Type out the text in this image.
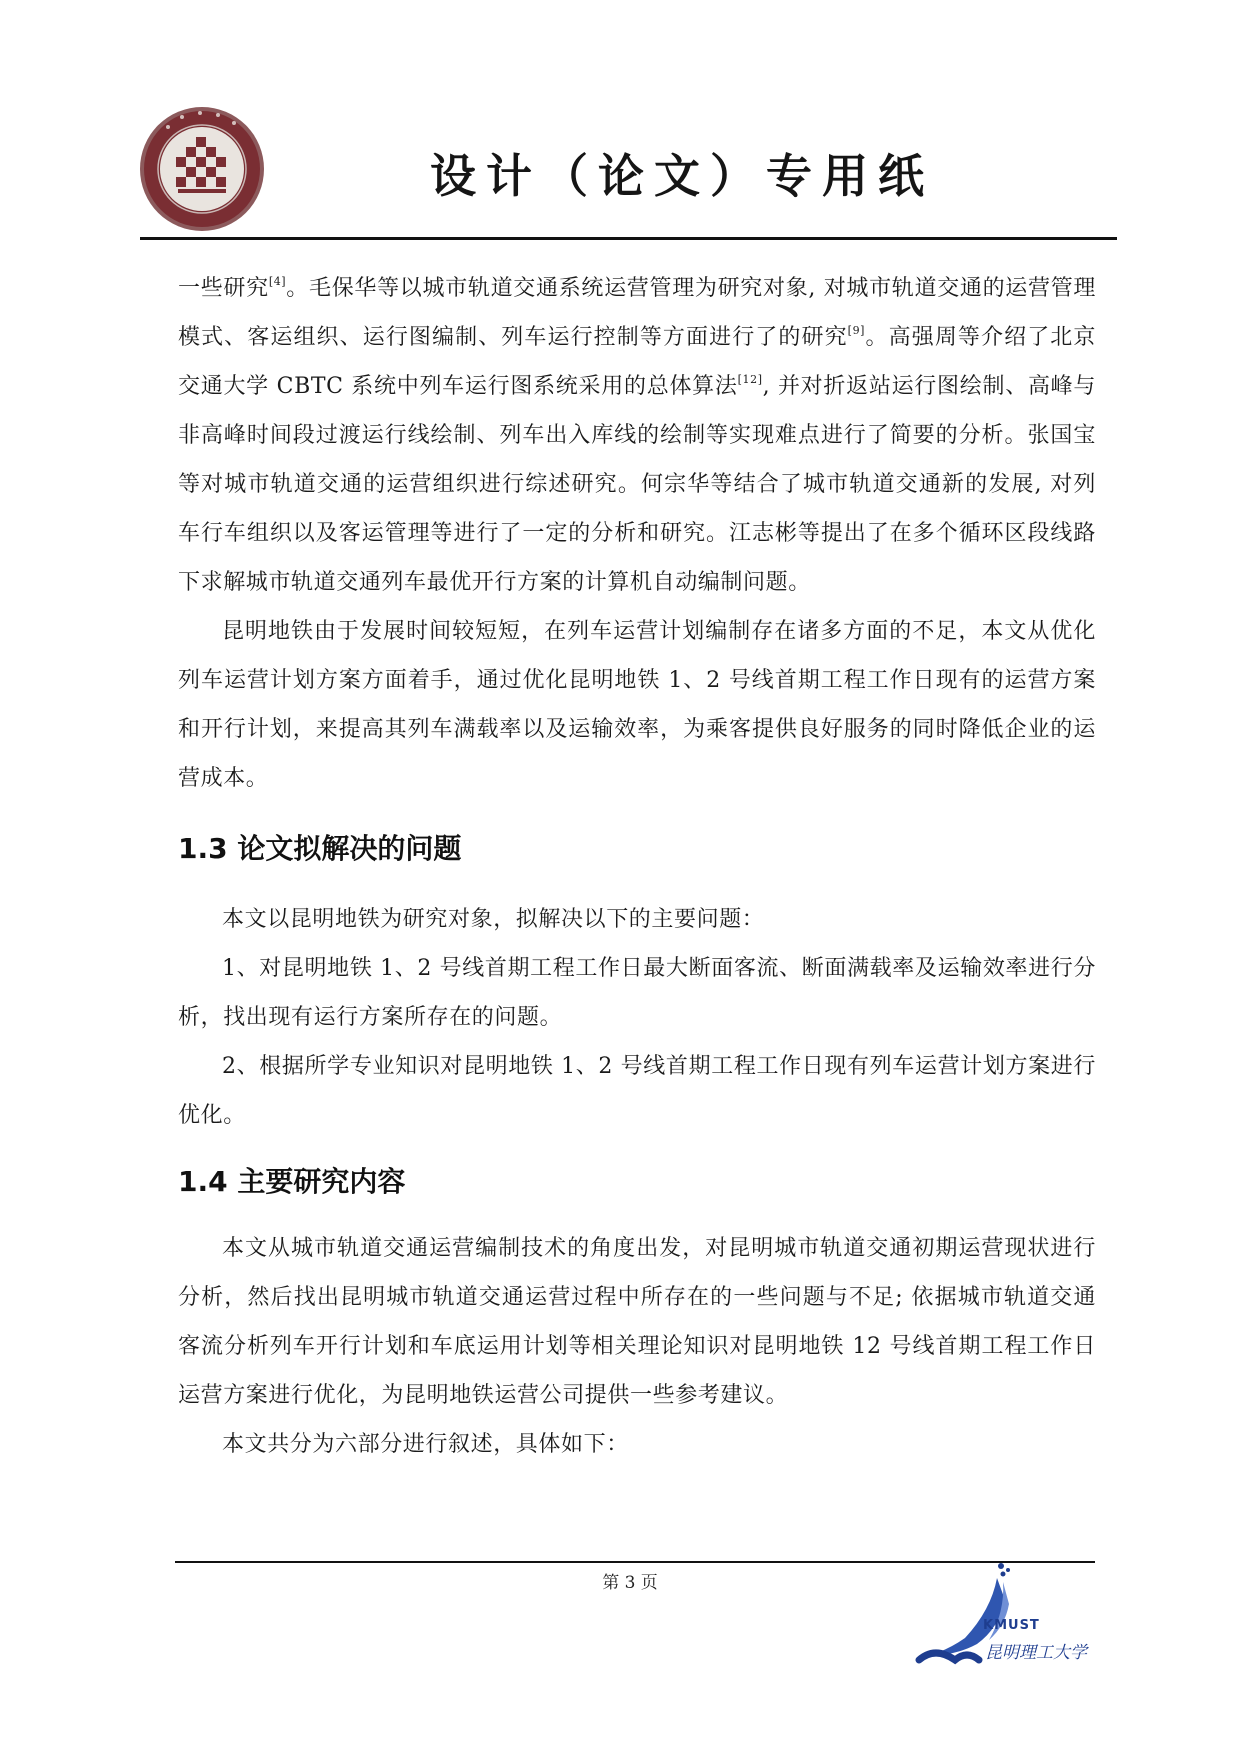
设计（论文）专用纸

一些研究[4]。毛保华等以城市轨道交通系统运营管理为研究对象, 对城市轨道交通的运营管理模式、客运组织、运行图编制、列车运行控制等方面进行了的研究[9]。高强周等介绍了北京交通大学 CBTC 系统中列车运行图系统采用的总体算法[12], 并对折返站运行图绘制、高峰与非高峰时间段过渡运行线绘制、列车出入库线的绘制等实现难点进行了简要的分析。张国宝等对城市轨道交通的运营组织进行综述研究。何宗华等结合了城市轨道交通新的发展, 对列车行车组织以及客运管理等进行了一定的分析和研究。江志彬等提出了在多个循环区段线路下求解城市轨道交通列车最优开行方案的计算机自动编制问题。

昆明地铁由于发展时间较短短，在列车运营计划编制存在诸多方面的不足，本文从优化列车运营计划方案方面着手，通过优化昆明地铁 1、2 号线首期工程工作日现有的运营方案和开行计划，来提高其列车满载率以及运输效率，为乘客提供良好服务的同时降低企业的运营成本。

1.3 论文拟解决的问题

本文以昆明地铁为研究对象，拟解决以下的主要问题：

1、对昆明地铁 1、2 号线首期工程工作日最大断面客流、断面满载率及运输效率进行分析，找出现有运行方案所存在的问题。

2、根据所学专业知识对昆明地铁 1、2 号线首期工程工作日现有列车运营计划方案进行优化。

1.4 主要研究内容

本文从城市轨道交通运营编制技术的角度出发，对昆明城市轨道交通初期运营现状进行分析，然后找出昆明城市轨道交通运营过程中所存在的一些问题与不足; 依据城市轨道交通客流分析列车开行计划和车底运用计划等相关理论知识对昆明地铁 12 号线首期工程工作日运营方案进行优化，为昆明地铁运营公司提供一些参考建议。

本文共分为六部分进行叙述，具体如下：

第 3 页
KMUST
昆明理工大学
